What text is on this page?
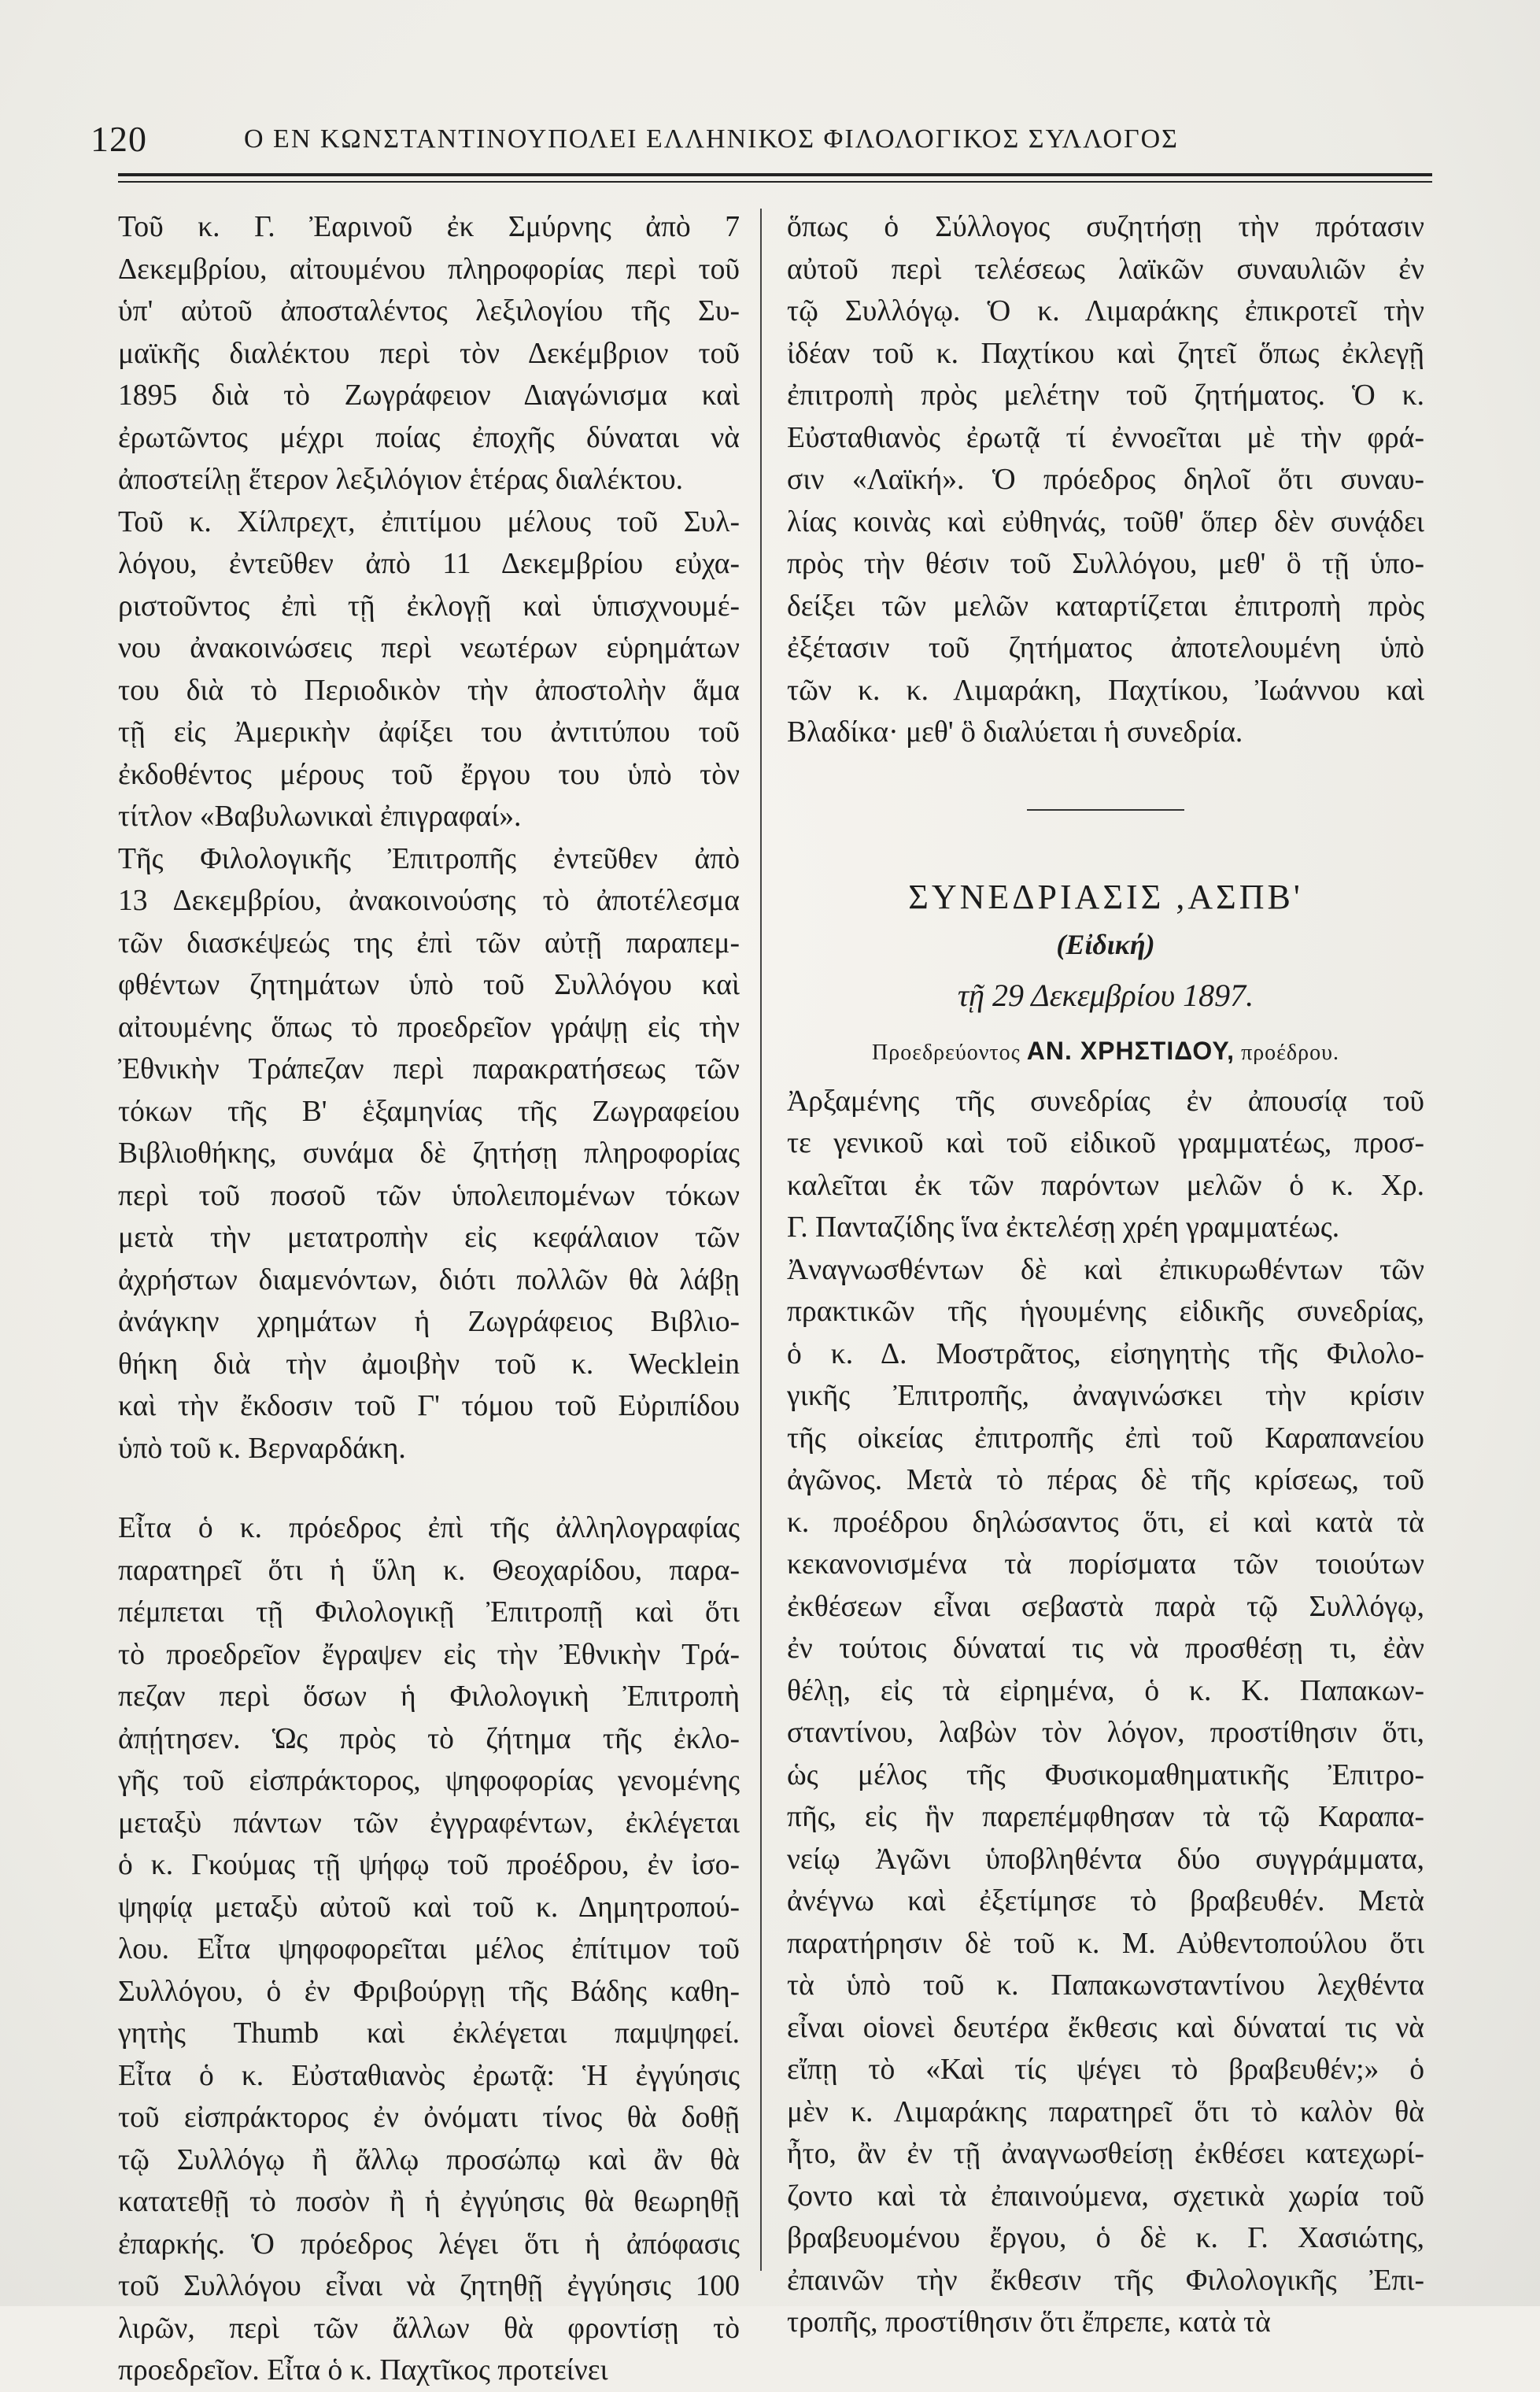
120	Ο ΕΝ ΚΩΝΣΤΑΝΤΙΝΟΥΠΟΛΕΙ ΕΛΛΗΝΙΚΟΣ ΦΙΛΟΛΟΓΙΚΟΣ ΣΥΛΛΟΓΟΣ

Τοῦ κ. Γ. Ἐαρινοῦ ἐκ Σμύρνης ἀπὸ 7
Δεκεμβρίου, αἰτουμένου πληροφορίας περὶ τοῦ
ὑπ' αὐτοῦ ἀποσταλέντος λεξιλογίου τῆς Συ-
μαϊκῆς διαλέκτου περὶ τὸν Δεκέμβριον τοῦ
1895 διὰ τὸ Ζωγράφειον Διαγώνισμα καὶ
ἐρωτῶντος μέχρι ποίας ἐποχῆς δύναται νὰ
ἀποστείλῃ ἕτερον λεξιλόγιον ἑτέρας διαλέκτου.

Τοῦ κ. Χίλπρεχτ, ἐπιτίμου μέλους τοῦ Συλ-
λόγου, ἐντεῦθεν ἀπὸ 11 Δεκεμβρίου εὐχα-
ριστοῦντος ἐπὶ τῇ ἐκλογῇ καὶ ὑπισχνουμέ-
νου ἀνακοινώσεις περὶ νεωτέρων εὑρημάτων
του διὰ τὸ Περιοδικὸν τὴν ἀποστολὴν ἅμα
τῇ εἰς Ἀμερικὴν ἀφίξει του ἀντιτύπου τοῦ
ἐκδοθέντος μέρους τοῦ ἔργου του ὑπὸ τὸν
τίτλον «Βαβυλωνικαὶ ἐπιγραφαί».

Τῆς Φιλολογικῆς Ἐπιτροπῆς ἐντεῦθεν ἀπὸ
13 Δεκεμβρίου, ἀνακοινούσης τὸ ἀποτέλεσμα
τῶν διασκέψεώς της ἐπὶ τῶν αὐτῇ παραπεμ-
φθέντων ζητημάτων ὑπὸ τοῦ Συλλόγου καὶ
αἰτουμένης ὅπως τὸ προεδρεῖον γράψῃ εἰς τὴν
Ἐθνικὴν Τράπεζαν περὶ παρακρατήσεως τῶν
τόκων τῆς Β' ἑξαμηνίας τῆς Ζωγραφείου
Βιβλιοθήκης, συνάμα δὲ ζητήσῃ πληροφορίας
περὶ τοῦ ποσοῦ τῶν ὑπολειπομένων τόκων
μετὰ τὴν μετατροπὴν εἰς κεφάλαιον τῶν
ἀχρήστων διαμενόντων, διότι πολλῶν θὰ λάβῃ
ἀνάγκην χρημάτων ἡ Ζωγράφειος Βιβλιο-
θήκη διὰ τὴν ἀμοιβὴν τοῦ κ. Wecklein
καὶ τὴν ἔκδοσιν τοῦ Γ' τόμου τοῦ Εὐριπίδου
ὑπὸ τοῦ κ. Βερναρδάκη.

Εἶτα ὁ κ. πρόεδρος ἐπὶ τῆς ἀλληλογραφίας
παρατηρεῖ ὅτι ἡ ὕλη κ. Θεοχαρίδου, παρα-
πέμπεται τῇ Φιλολογικῇ Ἐπιτροπῇ καὶ ὅτι
τὸ προεδρεῖον ἔγραψεν εἰς τὴν Ἐθνικὴν Τρά-
πεζαν περὶ ὅσων ἡ Φιλολογικὴ Ἐπιτροπὴ
ἀπῄτησεν. Ὡς πρὸς τὸ ζήτημα τῆς ἐκλο-
γῆς τοῦ εἰσπράκτορος, ψηφοφορίας γενομένης
μεταξὺ πάντων τῶν ἐγγραφέντων, ἐκλέγεται
ὁ κ. Γκούμας τῇ ψήφῳ τοῦ προέδρου, ἐν ἰσο-
ψηφίᾳ μεταξὺ αὐτοῦ καὶ τοῦ κ. Δημητροπού-
λου. Εἶτα ψηφοφορεῖται μέλος ἐπίτιμον τοῦ
Συλλόγου, ὁ ἐν Φριβούργῃ τῆς Βάδης καθη-
γητὴς Thumb καὶ ἐκλέγεται παμψηφεί.
Εἶτα ὁ κ. Εὐσταθιανὸς ἐρωτᾷ: Ἡ ἐγγύησις
τοῦ εἰσπράκτορος ἐν ὀνόματι τίνος θὰ δοθῇ
τῷ Συλλόγῳ ἢ ἄλλῳ προσώπῳ καὶ ἂν θὰ
κατατεθῇ τὸ ποσὸν ἢ ἡ ἐγγύησις θὰ θεωρηθῇ
ἐπαρκής. Ὁ πρόεδρος λέγει ὅτι ἡ ἀπόφασις
τοῦ Συλλόγου εἶναι νὰ ζητηθῇ ἐγγύησις 100
λιρῶν, περὶ τῶν ἄλλων θὰ φροντίσῃ τὸ
προεδρεῖον. Εἶτα ὁ κ. Παχτῖκος προτείνει

ὅπως ὁ Σύλλογος συζητήσῃ τὴν πρότασιν
αὐτοῦ περὶ τελέσεως λαϊκῶν συναυλιῶν ἐν
τῷ Συλλόγῳ. Ὁ κ. Λιμαράκης ἐπικροτεῖ τὴν
ἰδέαν τοῦ κ. Παχτίκου καὶ ζητεῖ ὅπως ἐκλεγῇ
ἐπιτροπὴ πρὸς μελέτην τοῦ ζητήματος. Ὁ κ.
Εὐσταθιανὸς ἐρωτᾷ τί ἐννοεῖται μὲ τὴν φρά-
σιν «Λαϊκή». Ὁ πρόεδρος δηλοῖ ὅτι συναυ-
λίας κοινὰς καὶ εὐθηνάς, τοῦθ' ὅπερ δὲν συνᾴδει
πρὸς τὴν θέσιν τοῦ Συλλόγου, μεθ' ὃ τῇ ὑπο-
δείξει τῶν μελῶν καταρτίζεται ἐπιτροπὴ πρὸς
ἐξέτασιν τοῦ ζητήματος ἀποτελουμένη ὑπὸ
τῶν κ. κ. Λιμαράκη, Παχτίκου, Ἰωάννου καὶ
Βλαδίκα· μεθ' ὃ διαλύεται ἡ συνεδρία.

ΣΥΝΕΔΡΙΑΣΙΣ ,ΑΣΠΒ'
(Εἰδική)
τῇ 29 Δεκεμβρίου 1897.
Προεδρεύοντος ΑΝ. ΧΡΗΣΤΙΔΟΥ, προέδρου.

Ἀρξαμένης τῆς συνεδρίας ἐν ἀπουσίᾳ τοῦ
τε γενικοῦ καὶ τοῦ εἰδικοῦ γραμματέως, προσ-
καλεῖται ἐκ τῶν παρόντων μελῶν ὁ κ. Χρ.
Γ. Πανταζίδης ἵνα ἐκτελέσῃ χρέη γραμματέως.

Ἀναγνωσθέντων δὲ καὶ ἐπικυρωθέντων τῶν
πρακτικῶν τῆς ἡγουμένης εἰδικῆς συνεδρίας,
ὁ κ. Δ. Μοστρᾶτος, εἰσηγητὴς τῆς Φιλολο-
γικῆς Ἐπιτροπῆς, ἀναγινώσκει τὴν κρίσιν
τῆς οἰκείας ἐπιτροπῆς ἐπὶ τοῦ Καραπανείου
ἀγῶνος. Μετὰ τὸ πέρας δὲ τῆς κρίσεως, τοῦ
κ. προέδρου δηλώσαντος ὅτι, εἰ καὶ κατὰ τὰ
κεκανονισμένα τὰ πορίσματα τῶν τοιούτων
ἐκθέσεων εἶναι σεβαστὰ παρὰ τῷ Συλλόγῳ,
ἐν τούτοις δύναταί τις νὰ προσθέσῃ τι, ἐὰν
θέλῃ, εἰς τὰ εἰρημένα, ὁ κ. Κ. Παπακων-
σταντίνου, λαβὼν τὸν λόγον, προστίθησιν ὅτι,
ὡς μέλος τῆς Φυσικομαθηματικῆς Ἐπιτρο-
πῆς, εἰς ἣν παρεπέμφθησαν τὰ τῷ Καραπα-
νείῳ Ἀγῶνι ὑποβληθέντα δύο συγγράμματα,
ἀνέγνω καὶ ἐξετίμησε τὸ βραβευθέν. Μετὰ
παρατήρησιν δὲ τοῦ κ. Μ. Αὐθεντοπούλου ὅτι
τὰ ὑπὸ τοῦ κ. Παπακωνσταντίνου λεχθέντα
εἶναι οἱονεὶ δευτέρα ἔκθεσις καὶ δύναταί τις νὰ
εἴπῃ τὸ «Καὶ τίς ψέγει τὸ βραβευθέν;» ὁ
μὲν κ. Λιμαράκης παρατηρεῖ ὅτι τὸ καλὸν θὰ
ἦτο, ἂν ἐν τῇ ἀναγνωσθείσῃ ἐκθέσει κατεχωρί-
ζοντο καὶ τὰ ἐπαινούμενα, σχετικὰ χωρία τοῦ
βραβευομένου ἔργου, ὁ δὲ κ. Γ. Χασιώτης,
ἐπαινῶν τὴν ἔκθεσιν τῆς Φιλολογικῆς Ἐπι-
τροπῆς, προστίθησιν ὅτι ἔπρεπε, κατὰ τὰ
